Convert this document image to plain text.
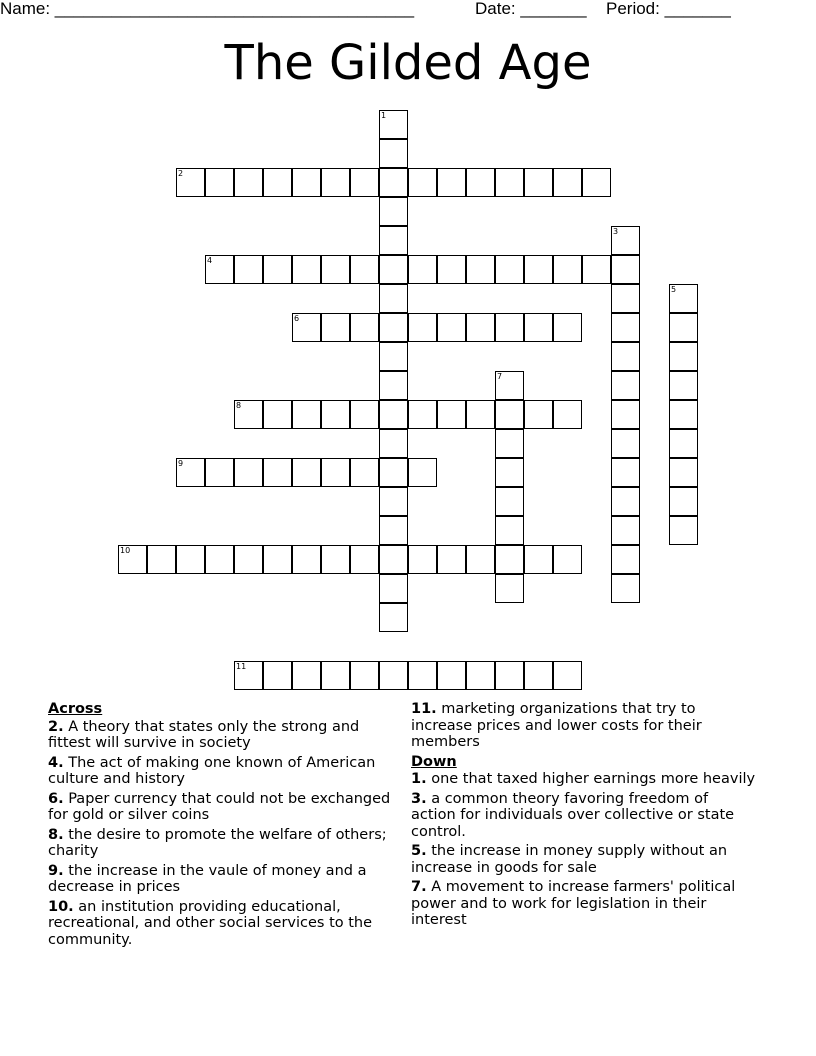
Name: ______________________________________	Date: _______ Period: _______
The Gilded Age
1
2
3
4
5
6
7
8
9
10
11
Across
2. A theory that states only the strong and fittest will survive in society
4. The act of making one known of American culture and history
6. Paper currency that could not be exchanged for gold or silver coins
8. the desire to promote the welfare of others; charity
9. the increase in the vaule of money and a decrease in prices
10. an institution providing educational, recreational, and other social services to the community.
11. marketing organizations that try to increase prices and lower costs for their members
Down
1. one that taxed higher earnings more heavily
3. a common theory favoring freedom of action for individuals over collective or state control.
5. the increase in money supply without an increase in goods for sale
7. A movement to increase farmers' political power and to work for legislation in their interest
